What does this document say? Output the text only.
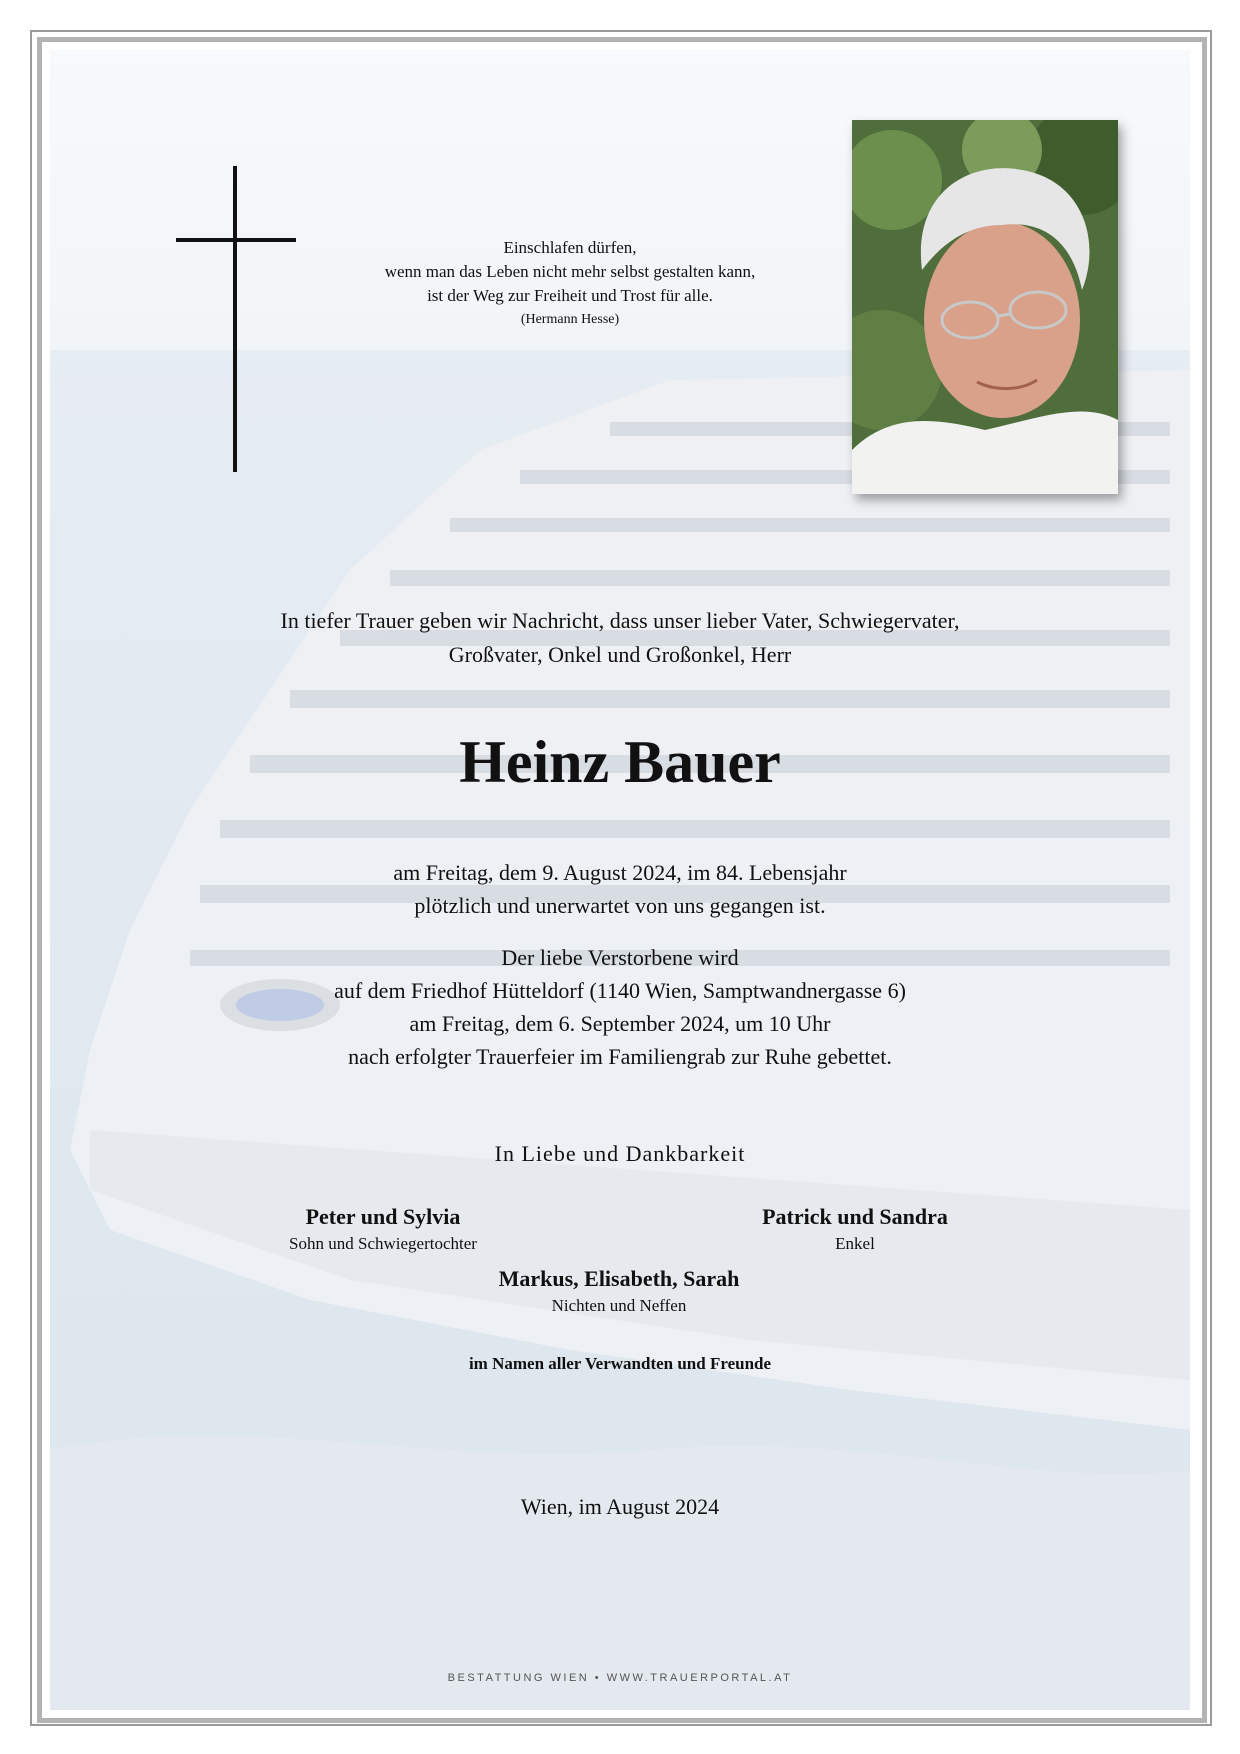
Einschlafen dürfen,
wenn man das Leben nicht mehr selbst gestalten kann,
ist der Weg zur Freiheit und Trost für alle.
(Hermann Hesse)
In tiefer Trauer geben wir Nachricht, dass unser lieber Vater, Schwiegervater,
Großvater, Onkel und Großonkel, Herr
Heinz Bauer
am Freitag, dem 9. August 2024, im 84. Lebensjahr
plötzlich und unerwartet von uns gegangen ist.
Der liebe Verstorbene wird
auf dem Friedhof Hütteldorf (1140 Wien, Samptwandnergasse 6)
am Freitag, dem 6. September 2024, um 10 Uhr
nach erfolgter Trauerfeier im Familiengrab zur Ruhe gebettet.
In Liebe und Dankbarkeit
Peter und Sylvia
Sohn und Schwiegertochter
Patrick und Sandra
Enkel
Markus, Elisabeth, Sarah
Nichten und Neffen
im Namen aller Verwandten und Freunde
Wien, im August 2024
BESTATTUNG WIEN • WWW.TRAUERPORTAL.AT
